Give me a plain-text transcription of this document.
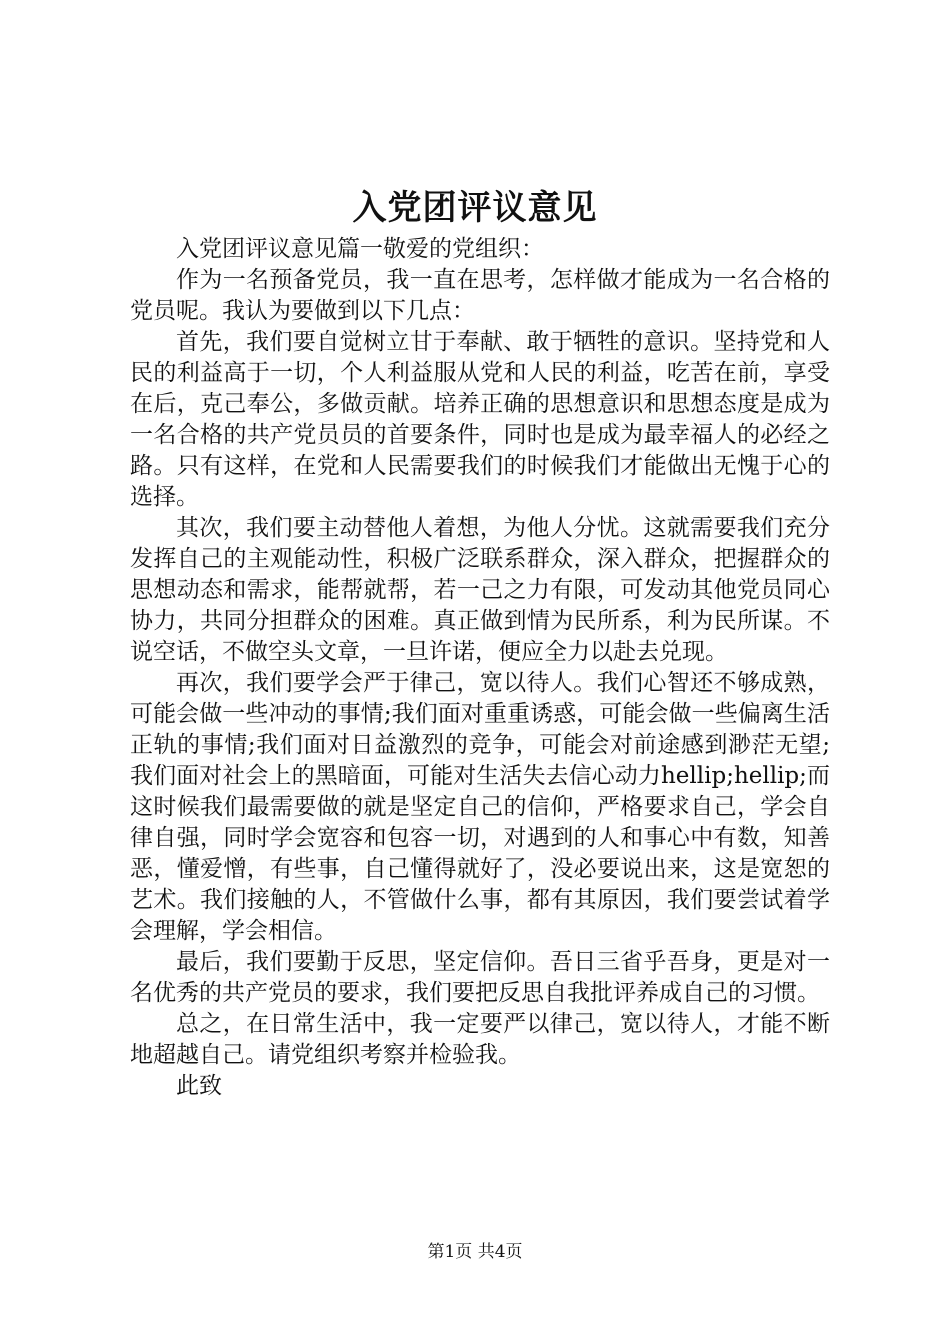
入党团评议意见

入党团评议意见篇一敬爱的党组织：

作为一名预备党员，我一直在思考，怎样做才能成为一名合格的党员呢。我认为要做到以下几点：

首先，我们要自觉树立甘于奉献、敢于牺牲的意识。坚持党和人民的利益高于一切，个人利益服从党和人民的利益，吃苦在前，享受在后，克己奉公，多做贡献。培养正确的思想意识和思想态度是成为一名合格的共产党员员的首要条件，同时也是成为最幸福人的必经之路。只有这样，在党和人民需要我们的时候我们才能做出无愧于心的选择。

其次，我们要主动替他人着想，为他人分忧。这就需要我们充分发挥自己的主观能动性，积极广泛联系群众，深入群众，把握群众的思想动态和需求，能帮就帮，若一己之力有限，可发动其他党员同心协力，共同分担群众的困难。真正做到情为民所系，利为民所谋。不说空话，不做空头文章，一旦许诺，便应全力以赴去兑现。

再次，我们要学会严于律己，宽以待人。我们心智还不够成熟，可能会做一些冲动的事情;我们面对重重诱惑，可能会做一些偏离生活正轨的事情;我们面对日益激烈的竞争，可能会对前途感到渺茫无望;我们面对社会上的黑暗面，可能对生活失去信心动力hellip;hellip;而这时候我们最需要做的就是坚定自己的信仰，严格要求自己，学会自律自强，同时学会宽容和包容一切，对遇到的人和事心中有数，知善恶，懂爱憎，有些事，自己懂得就好了，没必要说出来，这是宽恕的艺术。我们接触的人，不管做什么事，都有其原因，我们要尝试着学会理解，学会相信。

最后，我们要勤于反思，坚定信仰。吾日三省乎吾身，更是对一名优秀的共产党员的要求，我们要把反思自我批评养成自己的习惯。

总之，在日常生活中，我一定要严以律己，宽以待人，才能不断地超越自己。请党组织考察并检验我。

此致

第1页 共4页
